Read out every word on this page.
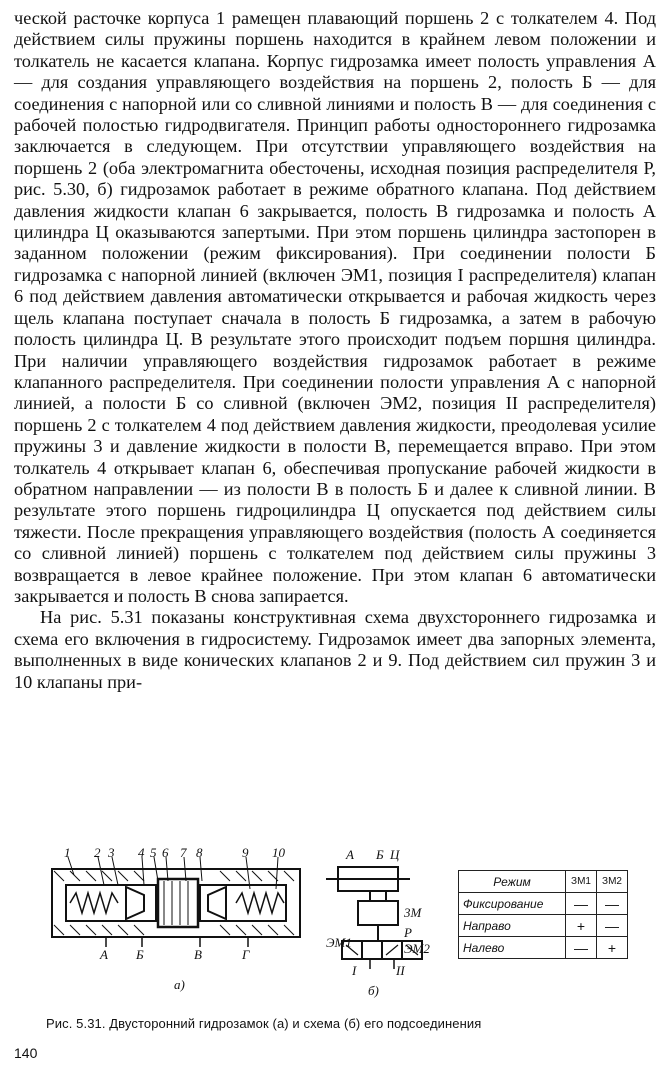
ческой расточке корпуса 1 рамещен плавающий поршень 2 с толкателем 4. Под действием силы пружины поршень находится в крайнем левом положении и толкатель не касается клапана. Корпус гидрозамка имеет полость управления А — для создания управляющего воздействия на поршень 2, полость Б — для соединения с напорной или со сливной линиями и полость В — для соединения с рабочей полостью гидродвигателя. Принцип работы одностороннего гидрозамка заключается в следующем. При отсутствии управляющего воздействия на поршень 2 (оба электромагнита обесточены, исходная позиция распределителя Р, рис. 5.30, б) гидрозамок работает в режиме обратного клапана. Под действием давления жидкости клапан 6 закрывается, полость В гидрозамка и полость А цилиндра Ц оказываются запертыми. При этом поршень цилиндра застопорен в заданном положении (режим фиксирования). При соединении полости Б гидрозамка с напорной линией (включен ЭМ1, позиция I распределителя) клапан 6 под действием давления автоматически открывается и рабочая жидкость через щель клапана поступает сначала в полость Б гидрозамка, а затем в рабочую полость цилиндра Ц. В результате этого происходит подъем поршня цилиндра. При наличии управляющего воздействия гидрозамок работает в режиме клапанного распределителя. При соединении полости управления А с напорной линией, а полости Б со сливной (включен ЭМ2, позиция II распределителя) поршень 2 с толкателем 4 под действием давления жидкости, преодолевая усилие пружины 3 и давление жидкости в полости В, перемещается вправо. При этом толкатель 4 открывает клапан 6, обеспечивая пропускание рабочей жидкости в обратном направлении — из полости В в полость Б и далее к сливной линии. В результате этого поршень гидроцилиндра Ц опускается под действием силы тяжести. После прекращения управляющего воздействия (полость А соединяется со сливной линией) поршень с толкателем под действием силы пружины 3 возвращается в левое крайнее положение. При этом клапан 6 автоматически закрывается и полость В снова запирается.

На рис. 5.31 показаны конструктивная схема двухстороннего гидрозамка и схема его включения в гидросистему. Гидрозамок имеет два запорных элемента, выполненных в виде конических клапанов 2 и 9. Под действием сил пружин 3 и 10 клапаны при-

1 2 3 4 5 6 7 8	9 10
А Б	В	Г
а)
А Б Ц
3М
ЭМ1	ЭМ2
Р
I	II
б)
Режим	ЗМ1	ЗМ2
Фиксирование	—	—
Направо	+	—
Налево	—	+
Рис. 5.31. Двусторонний гидрозамок (а) и схема (б) его подсоединения
140
